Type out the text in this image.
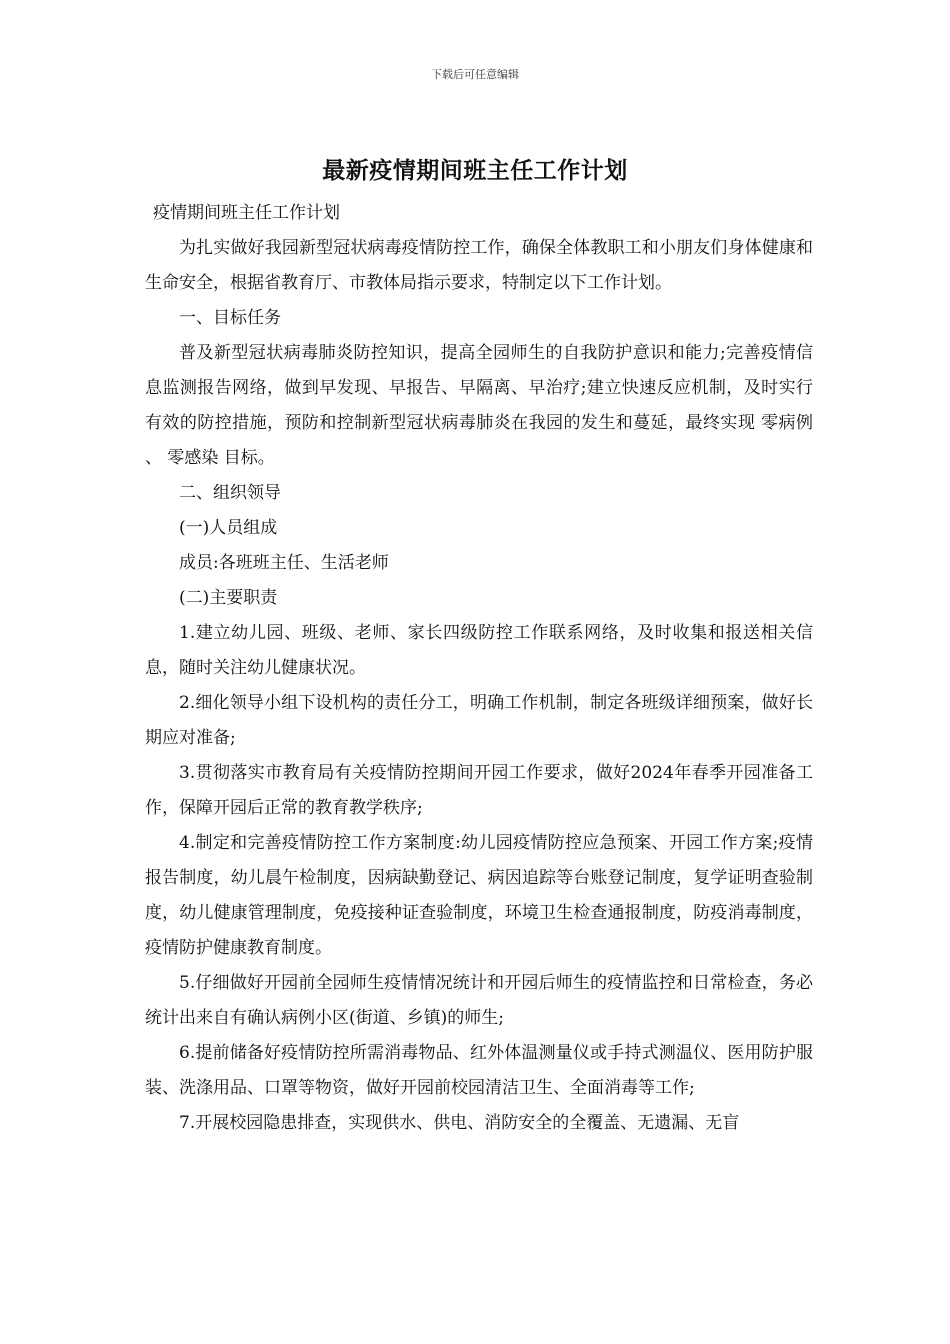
下载后可任意编辑
最新疫情期间班主任工作计划

疫情期间班主任工作计划

为扎实做好我园新型冠状病毒疫情防控工作，确保全体教职工和小朋友们身体健康和生命安全，根据省教育厅、市教体局指示要求，特制定以下工作计划。

一、目标任务

普及新型冠状病毒肺炎防控知识，提高全园师生的自我防护意识和能力;完善疫情信息监测报告网络，做到早发现、早报告、早隔离、早治疗;建立快速反应机制，及时实行有效的防控措施，预防和控制新型冠状病毒肺炎在我园的发生和蔓延，最终实现 零病例 、 零感染 目标。

二、组织领导

(一)人员组成

成员:各班班主任、生活老师

(二)主要职责

1.建立幼儿园、班级、老师、家长四级防控工作联系网络，及时收集和报送相关信息，随时关注幼儿健康状况。

2.细化领导小组下设机构的责任分工，明确工作机制，制定各班级详细预案，做好长期应对准备;

3.贯彻落实市教育局有关疫情防控期间开园工作要求，做好2024年春季开园准备工作，保障开园后正常的教育教学秩序;

4.制定和完善疫情防控工作方案制度:幼儿园疫情防控应急预案、开园工作方案;疫情报告制度，幼儿晨午检制度，因病缺勤登记、病因追踪等台账登记制度，复学证明查验制度，幼儿健康管理制度，免疫接种证查验制度，环境卫生检查通报制度，防疫消毒制度，疫情防护健康教育制度。

5.仔细做好开园前全园师生疫情情况统计和开园后师生的疫情监控和日常检查，务必统计出来自有确认病例小区(街道、乡镇)的师生;

6.提前储备好疫情防控所需消毒物品、红外体温测量仪或手持式测温仪、医用防护服装、洗涤用品、口罩等物资，做好开园前校园清洁卫生、全面消毒等工作;

7.开展校园隐患排查，实现供水、供电、消防安全的全覆盖、无遗漏、无盲
